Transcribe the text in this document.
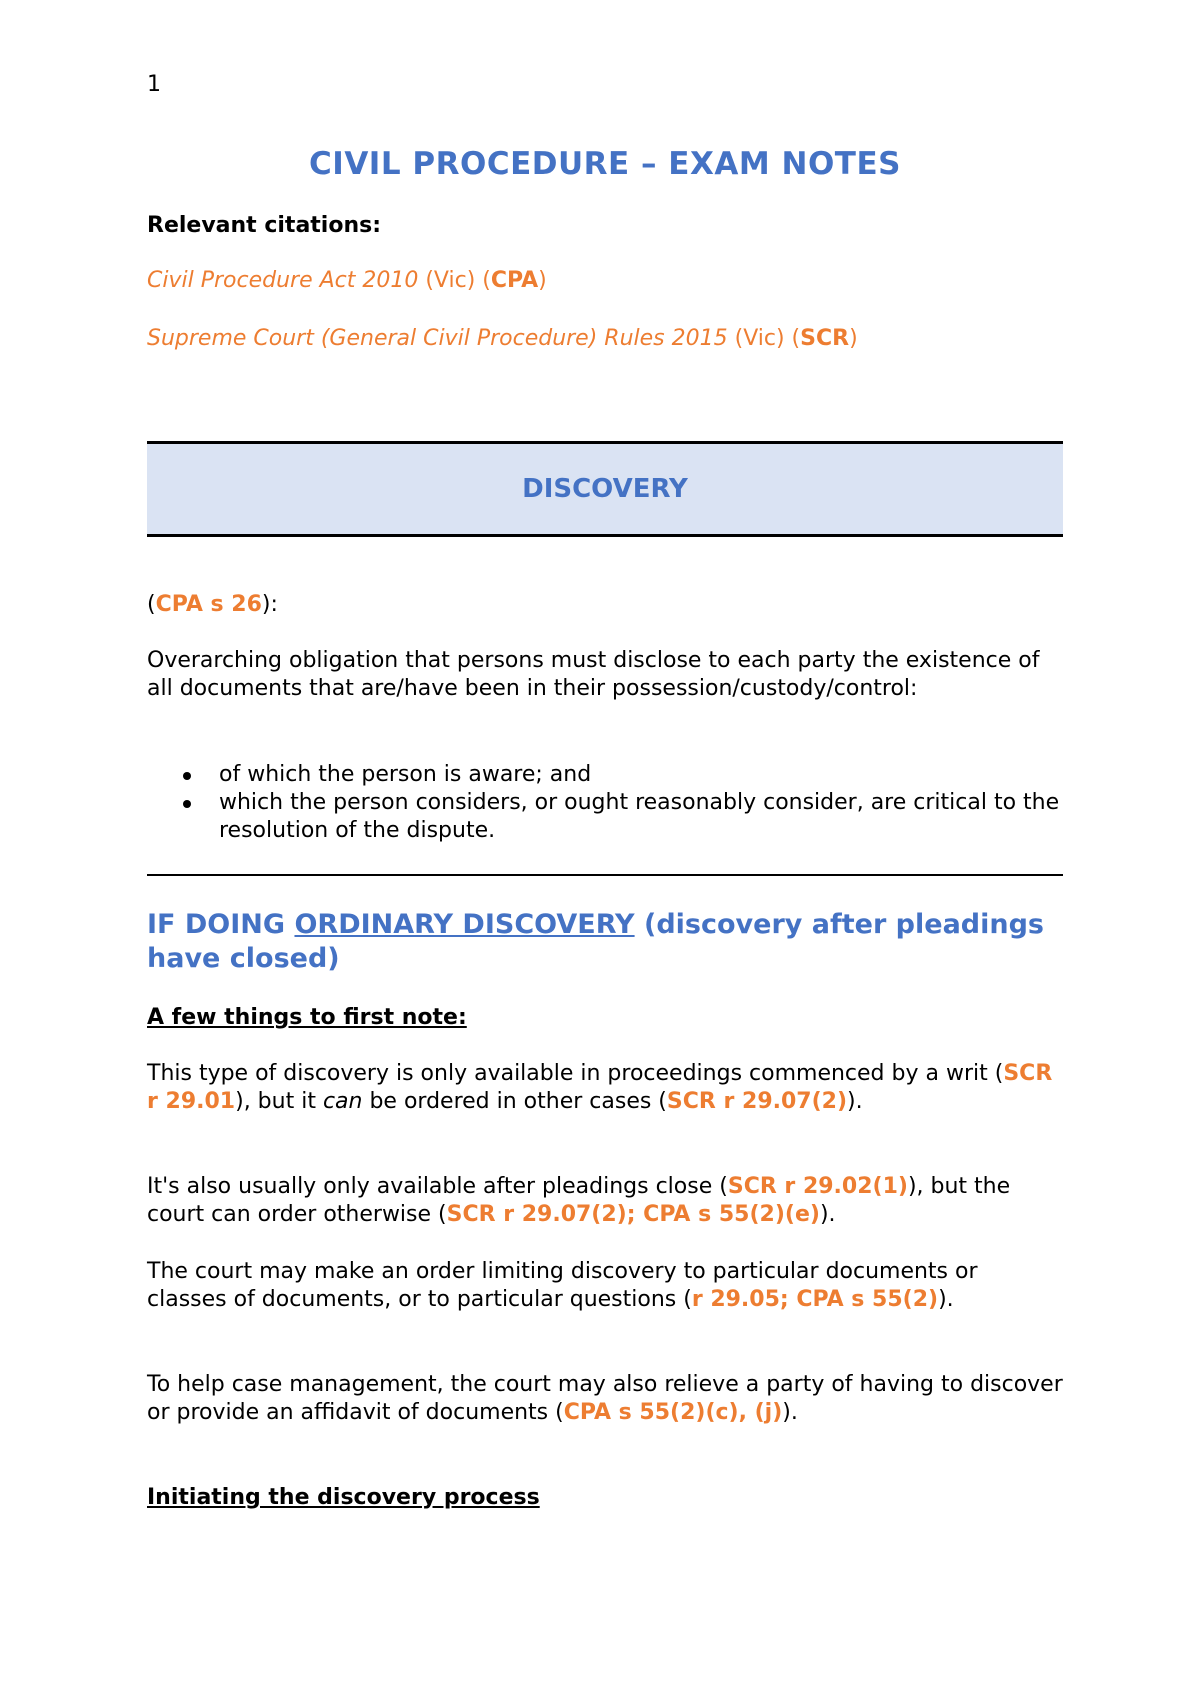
1
CIVIL PROCEDURE – EXAM NOTES
Relevant citations:
Civil Procedure Act 2010 (Vic) (CPA)
Supreme Court (General Civil Procedure) Rules 2015 (Vic) (SCR)
DISCOVERY

(CPA s 26):

Overarching obligation that persons must disclose to each party the existence of all documents that are/have been in their possession/custody/control:

of which the person is aware; and
which the person considers, or ought reasonably consider, are critical to the resolution of the dispute.
IF DOING ORDINARY DISCOVERY (discovery after pleadings have closed)
A few things to first note:

This type of discovery is only available in proceedings commenced by a writ (SCR r 29.01), but it can be ordered in other cases (SCR r 29.07(2)).

It's also usually only available after pleadings close (SCR r 29.02(1)), but the court can order otherwise (SCR r 29.07(2); CPA s 55(2)(e)).

The court may make an order limiting discovery to particular documents or classes of documents, or to particular questions (r 29.05; CPA s 55(2)).

To help case management, the court may also relieve a party of having to discover or provide an affidavit of documents (CPA s 55(2)(c), (j)).

Initiating the discovery process
